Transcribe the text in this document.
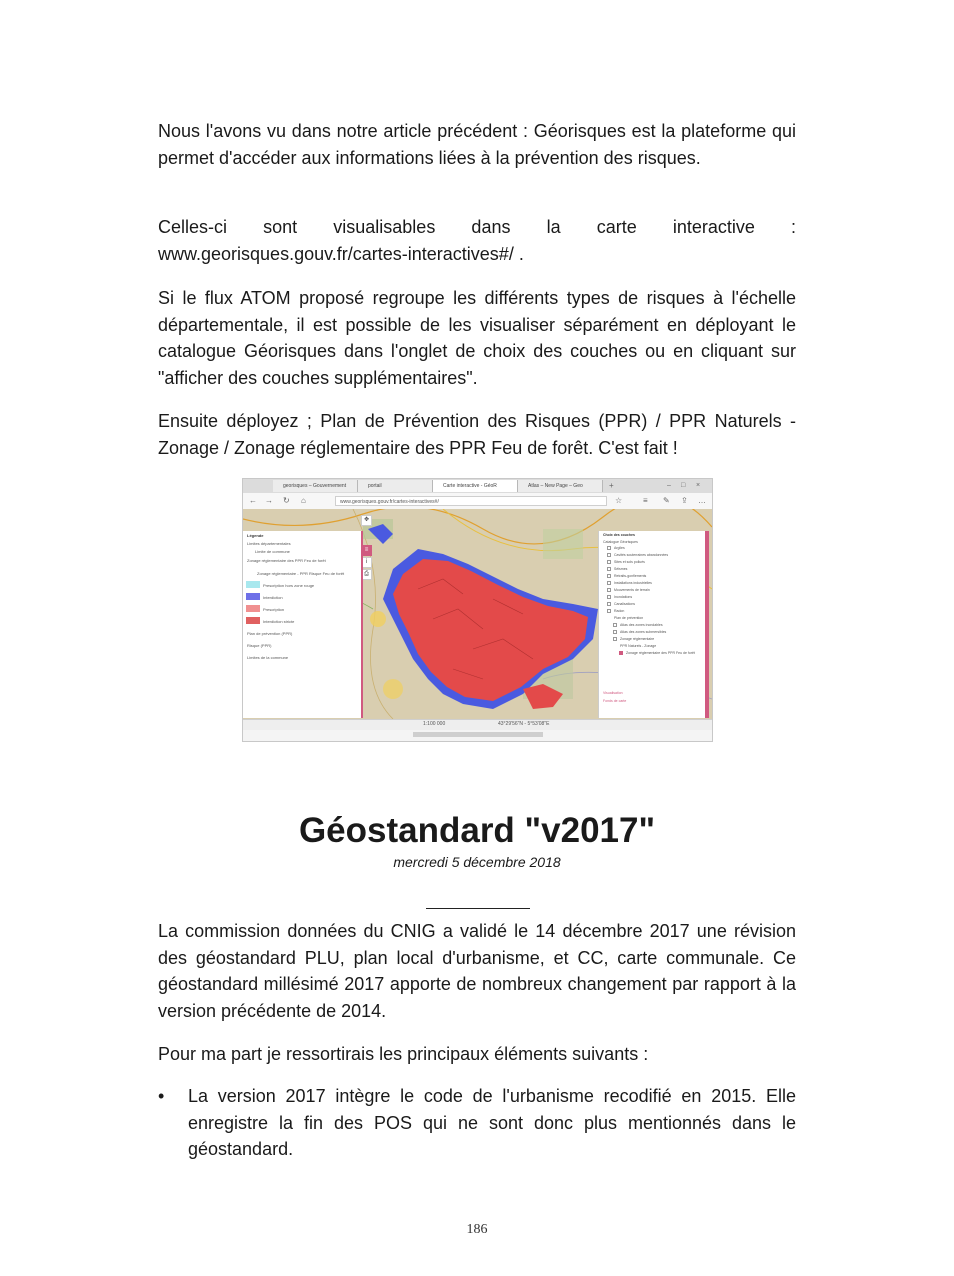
Nous l'avons vu dans notre article précédent : Géorisques est la plateforme qui permet d'accéder aux informations liées à la prévention des risques.

Celles-ci sont visualisables dans la carte interactive : www.georisques.gouv.fr/cartes-interactives#/ .

Si le flux ATOM proposé regroupe les différents types de risques à l'échelle départementale, il est possible de les visualiser séparément en déployant le catalogue Géorisques dans l'onglet de choix des couches ou en cliquant sur "afficher des couches supplémentaires".

Ensuite déployez ; Plan de Prévention des Risques (PPR) / PPR Naturels - Zonage / Zonage réglementaire des PPR Feu de forêt. C'est fait !

georisques – Gouvernement	portail	Carte interactive - GéoR	Atlas – New Page – Geo	+	– □ ×
← → ↻ ⌂	www.georisques.gouv.fr/cartes-interactives#/	☆	≡ ✎ ⇪ …
✥
≡
i
⎙
Légende
Limites départementales
Limite de commune
Zonage réglementaire des PPR Feu de forêt
Zonage réglementaire - PPR Risque Feu de forêt
Prescription hors zone rouge
Interdiction
Prescription
Interdiction stricte
Plan de prévention (PPR)
Risque (PPR)
Limites de la commune
Choix des couches
Catalogue Géorisques
Argiles
Cavités souterraines abandonnées
Sites et sols pollués
Séismes
Retraits-gonflements
Installations industrielles
Mouvements de terrain
Inondations
Canalisations
Radon
Plan de prévention
Atlas des zones inondables
Atlas des zones submersibles
Zonage réglementaire
PPR Naturels - Zonage
Zonage réglementaire des PPR Feu de forêt
Visualisation
Fonds de carte
1:100 000	43°29'56"N - 5°53'08"E
Géostandard "v2017"

mercredi 5 décembre 2018

La commission données du CNIG a validé le 14 décembre 2017 une révision des géostandard PLU, plan local d'urbanisme, et CC, carte communale. Ce géostandard millésimé 2017 apporte de nombreux changement par rapport à la version précédente de 2014.

Pour ma part je ressortirais les principaux éléments suivants :

• La version 2017 intègre le code de l'urbanisme recodifié en 2015. Elle enregistre la fin des POS qui ne sont donc plus mentionnés dans le géostandard.

186
